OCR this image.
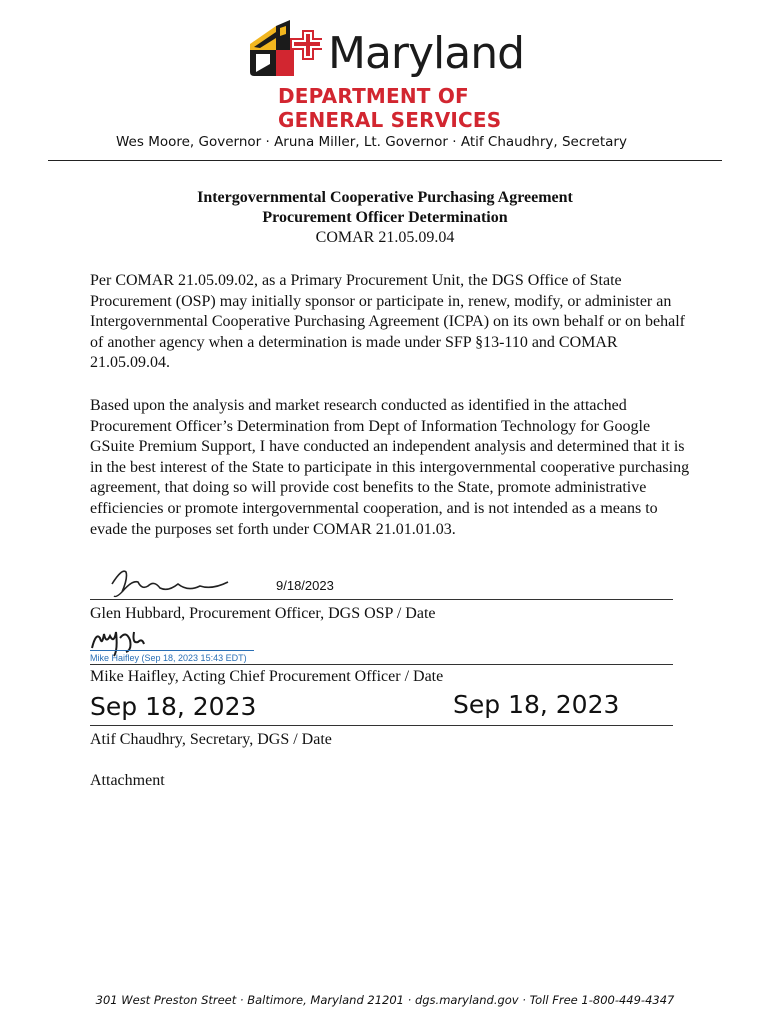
Maryland
DEPARTMENT OF
GENERAL SERVICES
Wes Moore, Governor · Aruna Miller, Lt. Governor · Atif Chaudhry, Secretary
Intergovernmental Cooperative Purchasing Agreement
Procurement Officer Determination
COMAR 21.05.09.04

Per COMAR 21.05.09.02, as a Primary Procurement Unit, the DGS Office of State Procurement (OSP) may initially sponsor or participate in, renew, modify, or administer an Intergovernmental Cooperative Purchasing Agreement (ICPA) on its own behalf or on behalf of another agency when a determination is made under SFP §13-110 and COMAR 21.05.09.04.

Based upon the analysis and market research conducted as identified in the attached Procurement Officer’s Determination from Dept of Information Technology for Google GSuite Premium Support, I have conducted an independent analysis and determined that it is in the best interest of the State to participate in this intergovernmental cooperative purchasing agreement, that doing so will provide cost benefits to the State, promote administrative efficiencies or promote intergovernmental cooperation, and is not intended as a means to evade the purposes set forth under COMAR 21.01.01.03.

9/18/2023
Glen Hubbard, Procurement Officer, DGS OSP / Date
Mike Haifley (Sep 18, 2023 15:43 EDT)
Mike Haifley, Acting Chief Procurement Officer / Date
Sep 18, 2023	Sep 18, 2023
Atif Chaudhry, Secretary, DGS / Date
Attachment
301 West Preston Street · Baltimore, Maryland 21201 · dgs.maryland.gov · Toll Free 1-800-449-4347
